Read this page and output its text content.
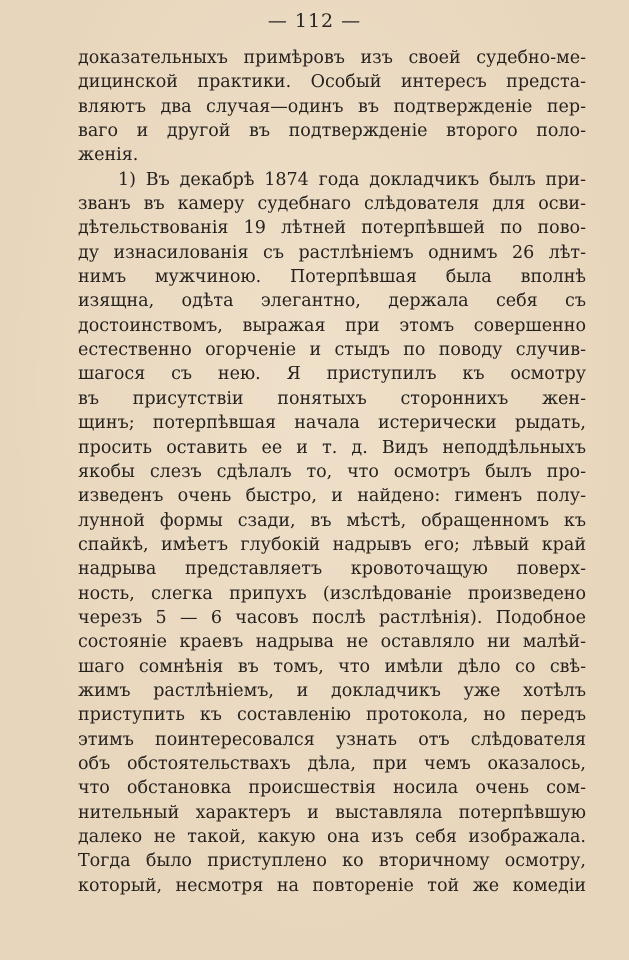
— 112 —
доказательныхъ примѣровъ изъ своей судебно-ме-
дицинской практики. Особый интересъ предста-
вляютъ два случая—одинъ въ подтвержденіе пер-
ваго и другой въ подтвержденіе второго поло-
женія.
1) Въ декабрѣ 1874 года докладчикъ былъ при-
званъ въ камеру судебнаго слѣдователя для осви-
дѣтельствованія 19 лѣтней потерпѣвшей по пово-
ду изнасилованія съ растлѣніемъ однимъ 26 лѣт-
нимъ мужчиною. Потерпѣвшая была вполнѣ
изящна, одѣта элегантно, держала себя съ
достоинствомъ, выражая при этомъ совершенно
естественно огорченіе и стыдъ по поводу случив-
шагося съ нею. Я приступилъ къ осмотру
въ присутствіи понятыхъ стороннихъ жен-
щинъ; потерпѣвшая начала истерически рыдать,
просить оставить ее и т. д. Видъ неподдѣльныхъ
якобы слезъ сдѣлалъ то, что осмотръ былъ про-
изведенъ очень быстро, и найдено: гименъ полу-
лунной формы сзади, въ мѣстѣ, обращенномъ къ
спайкѣ, имѣетъ глубокій надрывъ его; лѣвый край
надрыва представляетъ кровоточащую поверх-
ность, слегка припухъ (изслѣдованіе произведено
черезъ 5 — 6 часовъ послѣ растлѣнія). Подобное
состояніе краевъ надрыва не оставляло ни малѣй-
шаго сомнѣнія въ томъ, что имѣли дѣло со свѣ-
жимъ растлѣніемъ, и докладчикъ уже хотѣлъ
приступить къ составленію протокола, но передъ
этимъ поинтересовался узнать отъ слѣдователя
объ обстоятельствахъ дѣла, при чемъ оказалось,
что обстановка происшествія носила очень сом-
нительный характеръ и выставляла потерпѣвшую
далеко не такой, какую она изъ себя изображала.
Тогда было приступлено ко вторичному осмотру,
который, несмотря на повтореніе той же комедіи
